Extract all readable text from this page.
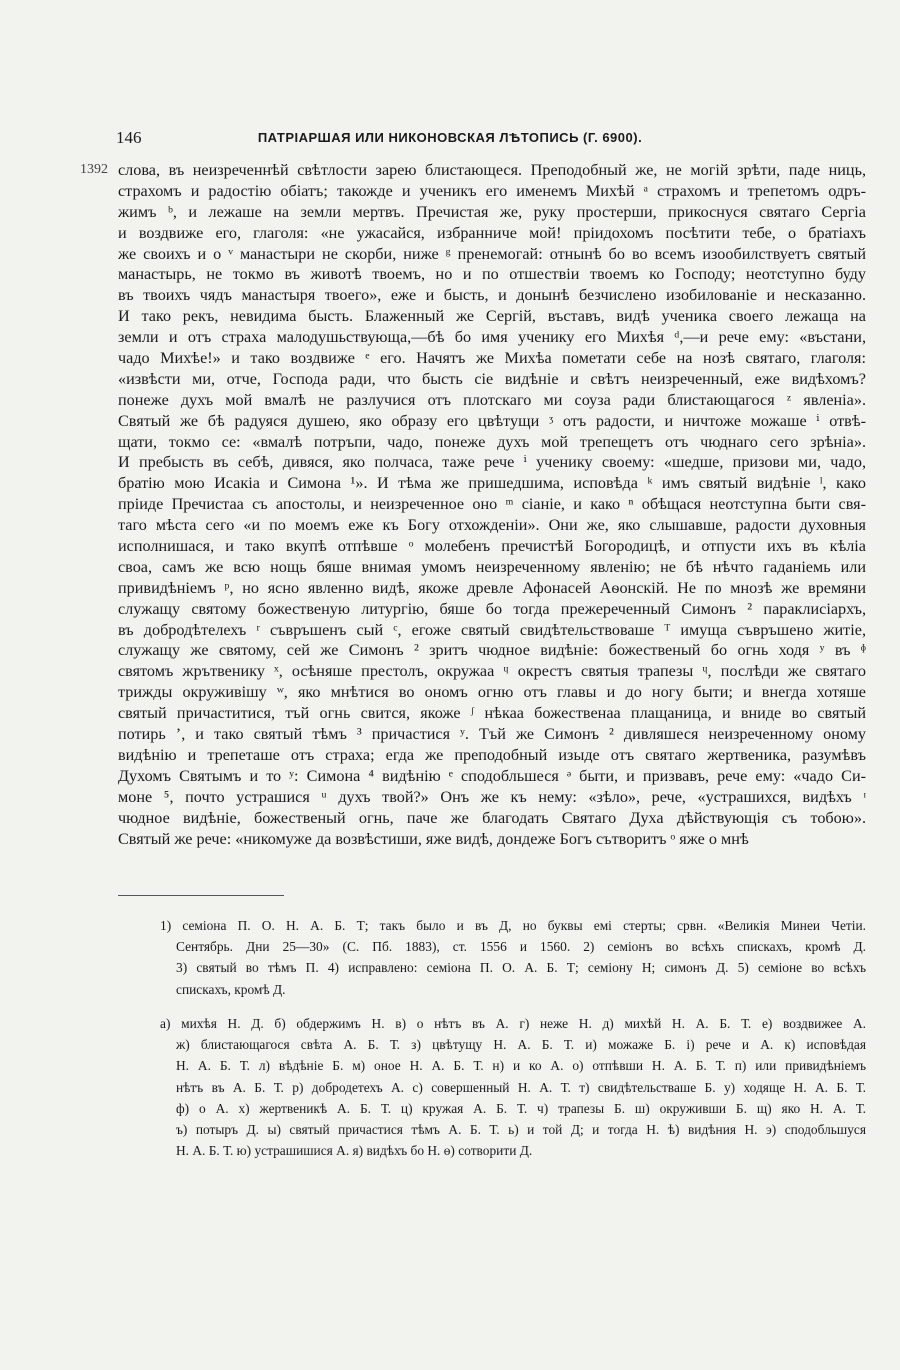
146	ПАТРІАРШАЯ ИЛИ НИКОНОВСКАЯ ЛѢТОПИСЬ (Г. 6900).
1392 слова, въ неизреченнѣй свѣтлости зарею блистающеся. Преподобный же, не могій зрѣти, паде ниць,
страхомъ и радостію обіатъ; такожде и ученикъ его именемъ Михѣй ᵃ страхомъ и трепетомъ одръ-
жимъ ᵇ, и лежаше на земли мертвъ. Пречистая же, руку простерши, прикоснуся святаго Сергіа
и воздвиже его, глаголя: «не ужасайся, избранниче мой! пріидохомъ посѣтити тебе, о братіахъ
же своихъ и о ᵛ манастыри не скорби, ниже ᵍ пренемогай: отнынѣ бо во всемъ изообилствуетъ святый
манастырь, не токмо въ животѣ твоемъ, но и по отшествіи твоемъ ко Господу; неотступно буду
въ твоихъ чядъ манастыря твоего», еже и бысть, и донынѣ безчислено изобилованіе и несказанно.
И тако рекъ, невидима бысть. Блаженный же Сергій, въставъ, видѣ ученика своего лежаща на
земли и отъ страха малодушьствующа,—бѣ бо имя ученику его Михѣя ᵈ,—и рече ему: «въстани,
чадо Михѣе!» и тако воздвиже ᵉ его. Начятъ же Михѣа пометати себе на нозѣ святаго, глаголя:
«извѣсти ми, отче, Господа ради, что бысть сіе видѣніе и свѣтъ неизреченный, еже видѣхомъ?
понеже духъ мой вмалѣ не разлучися отъ плотскаго ми соуза ради блистающагося ᶻ явленіа».
Святый же бѣ радуяся душею, яко образу его цвѣтущи ᶾ отъ радости, и ничтоже можаше ⁱ отвѣ-
щати, токмо се: «вмалѣ потръпи, чадо, понеже духъ мой трепещетъ отъ чюднаго сего зрѣніа».
И пребысть въ себѣ, дивяся, яко полчаса, таже рече ⁱ ученику своему: «шедше, призови ми, чадо,
братію мою Исакіа и Симона ¹». И тѣма же пришедшима, исповѣда ᵏ имъ святый видѣніе ˡ, како
пріиде Пречистаа съ апостолы, и неизреченное оно ᵐ сіаніе, и како ⁿ обѣщася неотступна быти свя-
таго мѣста сего «и по моемъ еже къ Богу отхожденіи». Они же, яко слышавше, радости духовныя
исполнишася, и тако вкупѣ отпѣвше ᵒ молебенъ пречистѣй Богородицѣ, и отпусти ихъ въ кѣліа
своа, самъ же всю нощь бяше внимая умомъ неизреченному явленію; не бѣ нѣчто гаданіемь или
привидѣніемъ ᵖ, но ясно явленно видѣ, якоже древле Афонасей Аѳонскій. Не по мнозѣ же времяни
служащу святому божественую литургію, бяше бо тогда прежереченный Симонъ ² параклисіархъ,
въ добродѣтелехъ ʳ съвръшенъ сый ᶜ, егоже святый свидѣтельствоваше ᵀ имуща съвръшено житіе,
служащу же святому, сей же Симонъ ² зритъ чюдное видѣніе: божественый бо огнь ходя ʸ въ ᶲ
святомъ жрътвенику ˣ, осѣняше престолъ, окружаа ᶣ окрестъ святыя трапезы ᶣ, послѣди же святаго
трижды окруживішу ʷ, яко мнѣтися во ономъ огню отъ главы и до ногу быти; и внегда хотяше
святый причаститися, тъй огнь свится, якоже ᶴ нѣкаа божественаа плащаница, и вниде во святый
потирь ʼ, и тако святый тѣмъ ³ причастися ʸ. Тъй же Симонъ ² дивляшеся неизреченному оному
видѣнію и трепеташе отъ страха; егда же преподобный изыде отъ святаго жертвеника, разумѣвъ
Духомъ Святымъ и то ʸ: Симона ⁴ видѣнію ᵉ сподобльшеся ᵊ быти, и призвавъ, рече ему: «чадо Си-
моне ⁵, почто устрашися ᵘ духъ твой?» Онъ же къ нему: «зѣло», рече, «устрашихся, видѣхъ ᶦ
чюдное видѣніе, божественый огнь, паче же благодать Святаго Духа дѣйствующія съ тобою».
Святый же рече: «никомуже да возвѣстиши, яже видѣ, дондеже Богъ сътворитъ ᵒ яже о мнѣ
1) семіона П. О. Н. А. Б. Т; такъ было и въ Д, но буквы емі стерты; срвн. «Великія Минеи Четіи.
Сентябрь. Дни 25—30» (С. Пб. 1883), ст. 1556 и 1560. 2) семіонъ во всѣхъ спискахъ, кромѣ Д.
3) святый во тѣмъ П. 4) исправлено: семіона П. О. А. Б. Т; семіону Н; симонъ Д. 5) семіоне во всѣхъ
спискахъ, кромѣ Д.
а) михѣя Н. Д. б) обдержимъ Н. в) о нѣтъ въ А. г) неже Н. д) михѣй Н. А. Б. Т. е) воздвижее А.
ж) блистающагося свѣта А. Б. Т. з) цвѣтущу Н. А. Б. Т. и) можаже Б. і) рече и А. к) исповѣдая
Н. А. Б. Т. л) вѣдѣніе Б. м) оное Н. А. Б. Т. н) и ко А. о) отпѣвши Н. А. Б. Т. п) или привидѣніемъ
нѣтъ въ А. Б. Т. р) добродетехъ А. с) совершенный Н. А. Т. т) свидѣтельстваше Б. у) ходяще Н. А. Б. Т.
ф) о А. х) жертвеникѣ А. Б. Т. ц) кружая А. Б. Т. ч) трапезы Б. ш) окруживши Б. щ) яко Н. А. Т.
ъ) потыръ Д. ы) святый причастися тѣмъ А. Б. Т. ь) и той Д; и тогда Н. ѣ) видѣния Н. э) сподобльшуся
Н. А. Б. Т. ю) устрашишися А. я) видѣхъ бо Н. ѳ) сотворити Д.
